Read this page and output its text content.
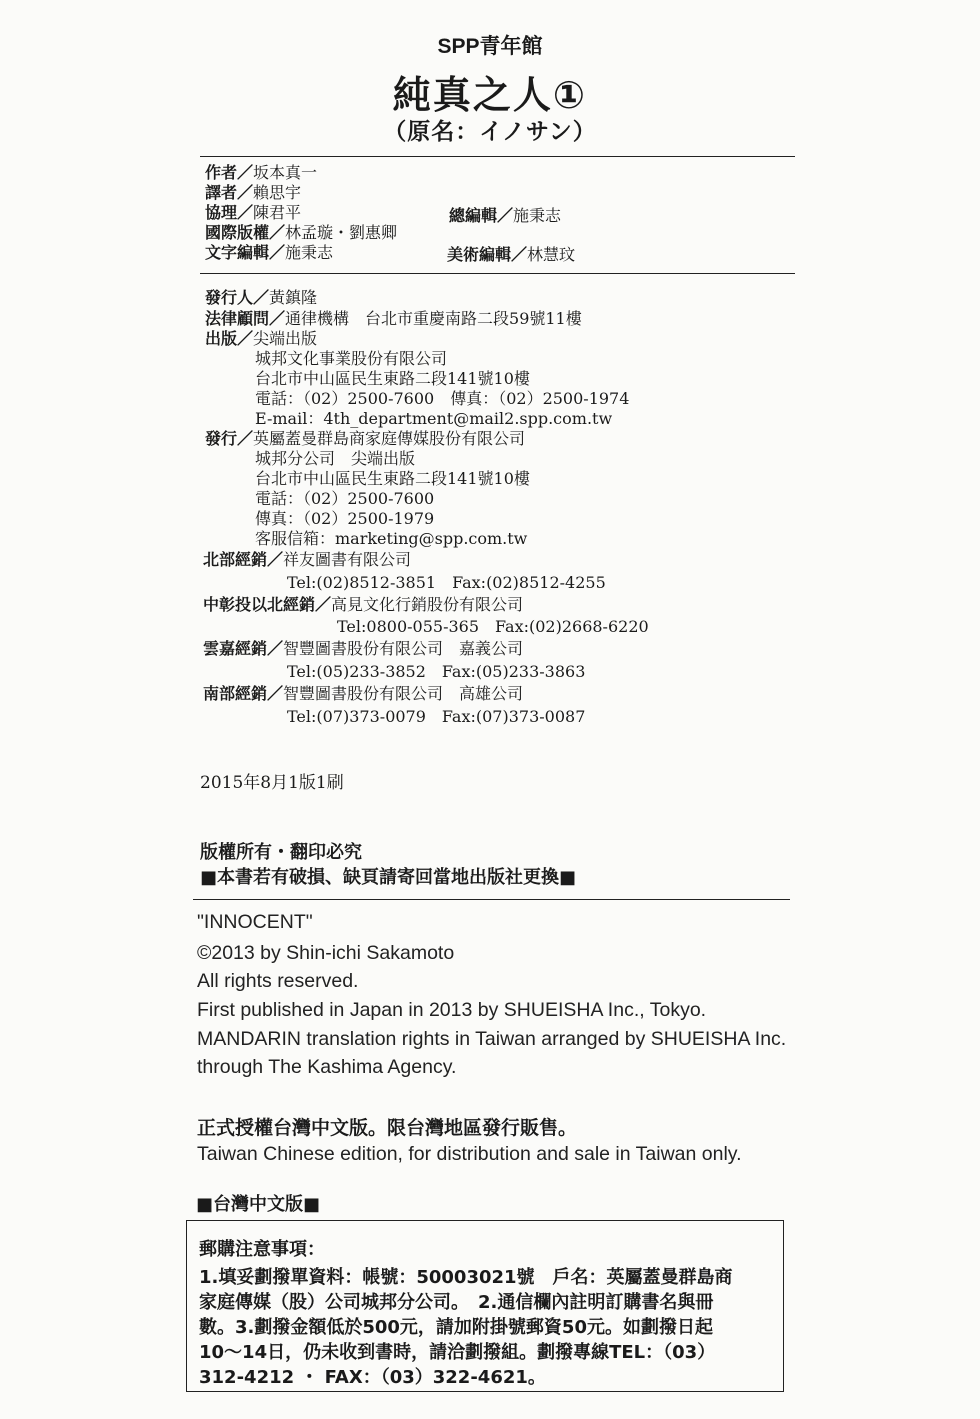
SPP青年館
純真之人①
（原名：イノサン）
作者／坂本真一
譯者／賴思宇
協理／陳君平	總編輯／施秉志
國際版權／林孟璇・劉惠卿
文字編輯／施秉志	美術編輯／林慧玟
發行人／黃鎮隆
法律顧問／通律機構　台北市重慶南路二段59號11樓
出版／尖端出版
城邦文化事業股份有限公司
台北市中山區民生東路二段141號10樓
電話：（02）2500-7600　傳真：（02）2500-1974
E-mail：4th_department@mail2.spp.com.tw
發行／英屬蓋曼群島商家庭傳媒股份有限公司
城邦分公司　尖端出版
台北市中山區民生東路二段141號10樓
電話：（02）2500-7600
傳真：（02）2500-1979
客服信箱：marketing@spp.com.tw
北部經銷／祥友圖書有限公司
Tel:(02)8512-3851　Fax:(02)8512-4255
中彰投以北經銷／高見文化行銷股份有限公司
Tel:0800-055-365　Fax:(02)2668-6220
雲嘉經銷／智豐圖書股份有限公司　嘉義公司
Tel:(05)233-3852　Fax:(05)233-3863
南部經銷／智豐圖書股份有限公司　高雄公司
Tel:(07)373-0079　Fax:(07)373-0087
2015年8月1版1刷
版權所有・翻印必究
■本書若有破損、缺頁請寄回當地出版社更換■
"INNOCENT"
©2013 by Shin-ichi Sakamoto
All rights reserved.
First published in Japan in 2013 by SHUEISHA Inc., Tokyo.
MANDARIN translation rights in Taiwan arranged by SHUEISHA Inc.
through The Kashima Agency.
正式授權台灣中文版。限台灣地區發行販售。
Taiwan Chinese edition, for distribution and sale in Taiwan only.
■台灣中文版■
郵購注意事項：
1.填妥劃撥單資料：帳號：50003021號　戶名：英屬蓋曼群島商
家庭傳媒（股）公司城邦分公司。　2.通信欄內註明訂購書名與冊
數。3.劃撥金額低於500元，請加附掛號郵資50元。如劃撥日起
10～14日，仍未收到書時，請洽劃撥組。劃撥專線TEL：（03）
312-4212 ・ FAX：（03）322-4621。
